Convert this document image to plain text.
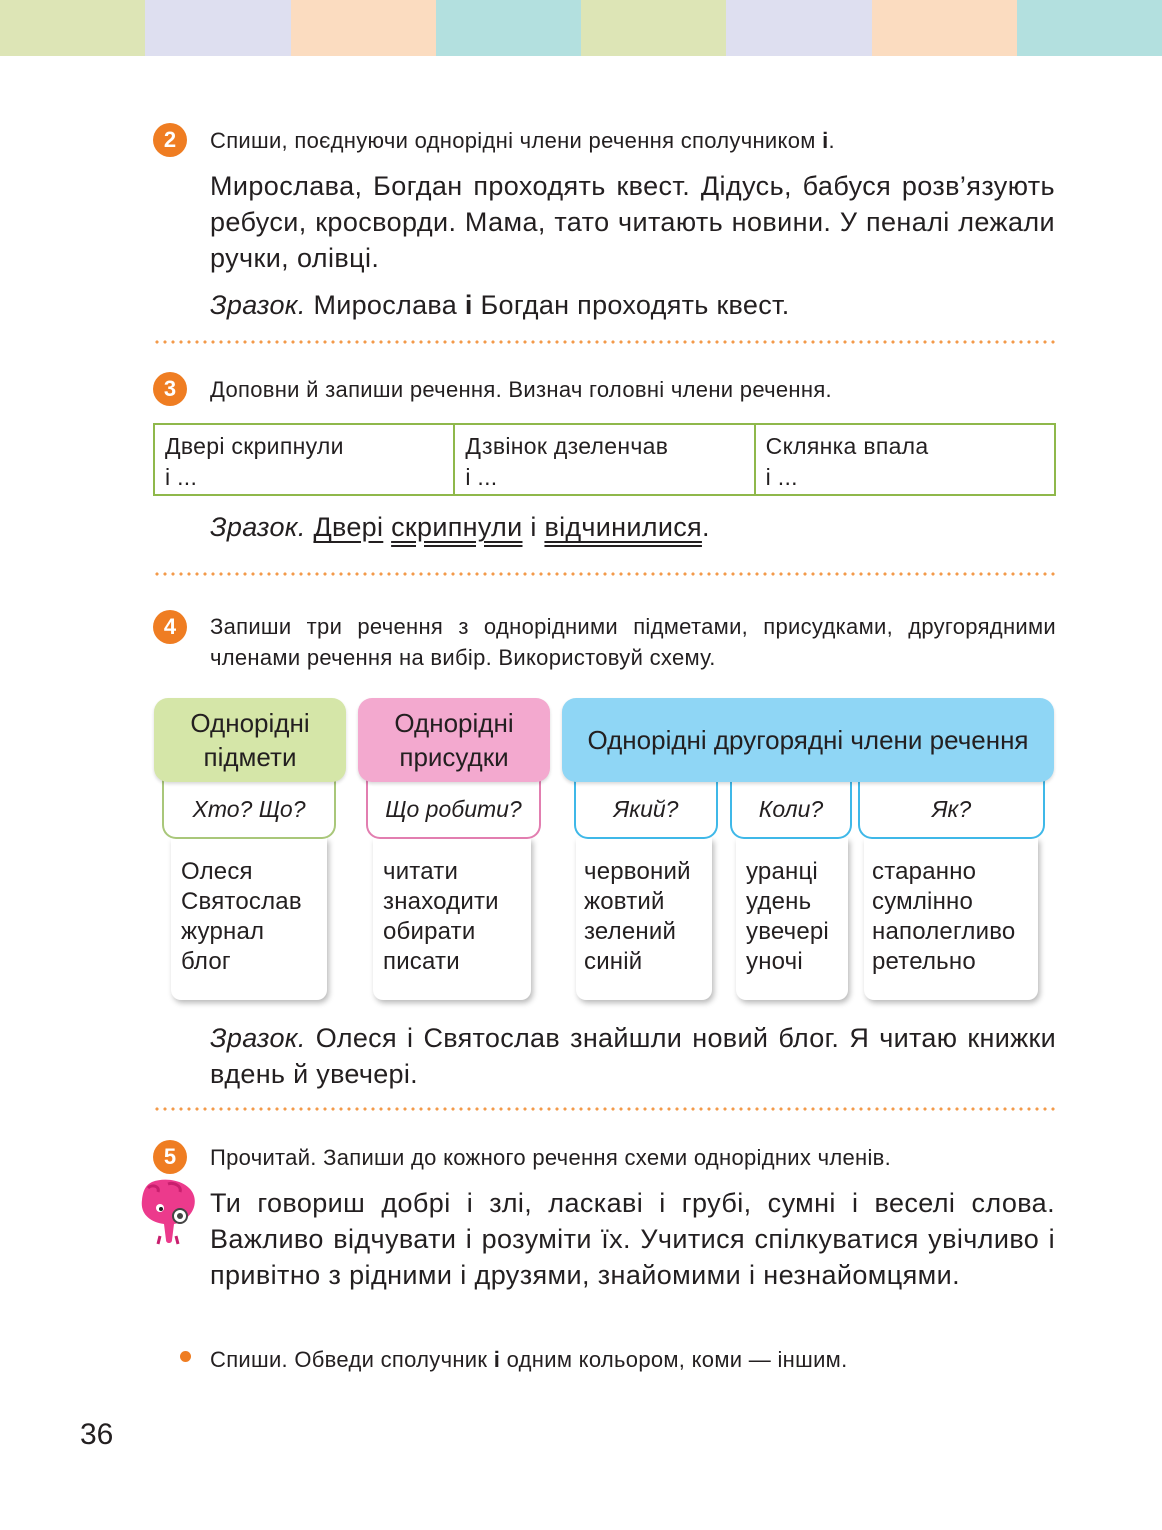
2	Спиши, поєднуючи однорідні члени речення сполучником і.
Мирослава, Богдан проходять квест. Дідусь, бабуся розв’язують ребуси, кросворди. Мама, тато читають новини. У пеналі лежали ручки, олівці.
Зразок. Мирослава і Богдан проходять квест.
3	Доповни й запиши речення. Визнач головні члени речення.
Двері скрипнули
і ...
Дзвінок дзеленчав
і ...
Склянка впала
і ...
Зразок. Двері скрипнули і відчинилися.
4	Запиши три речення з однорідними підметами, присудками, другорядними членами речення на вибір. Використовуй схему.
Однорідні підмети
Однорідні присудки
Однорідні другорядні члени речення
Хто? Що?	Що робити?	Який?	Коли?	Як?
Олеся
Святослав
журнал
блог
читати
знаходити
обирати
писати
червоний
жовтий
зелений
синій
уранці
удень
увечері
уночі
старанно
сумлінно
наполегливо
ретельно
Зразок. Олеся і Святослав знайшли новий блог. Я читаю книжки вдень й увечері.
5	Прочитай. Запиши до кожного речення схеми однорідних членів.
Ти говориш добрі і злі, ласкаві і грубі, сумні і веселі слова. Важливо відчувати і розуміти їх. Учитися спілкуватися увічливо і привітно з рідними і друзями, знайомими і незнайомцями.
Спиши. Обведи сполучник і одним кольором, коми — іншим.
36
